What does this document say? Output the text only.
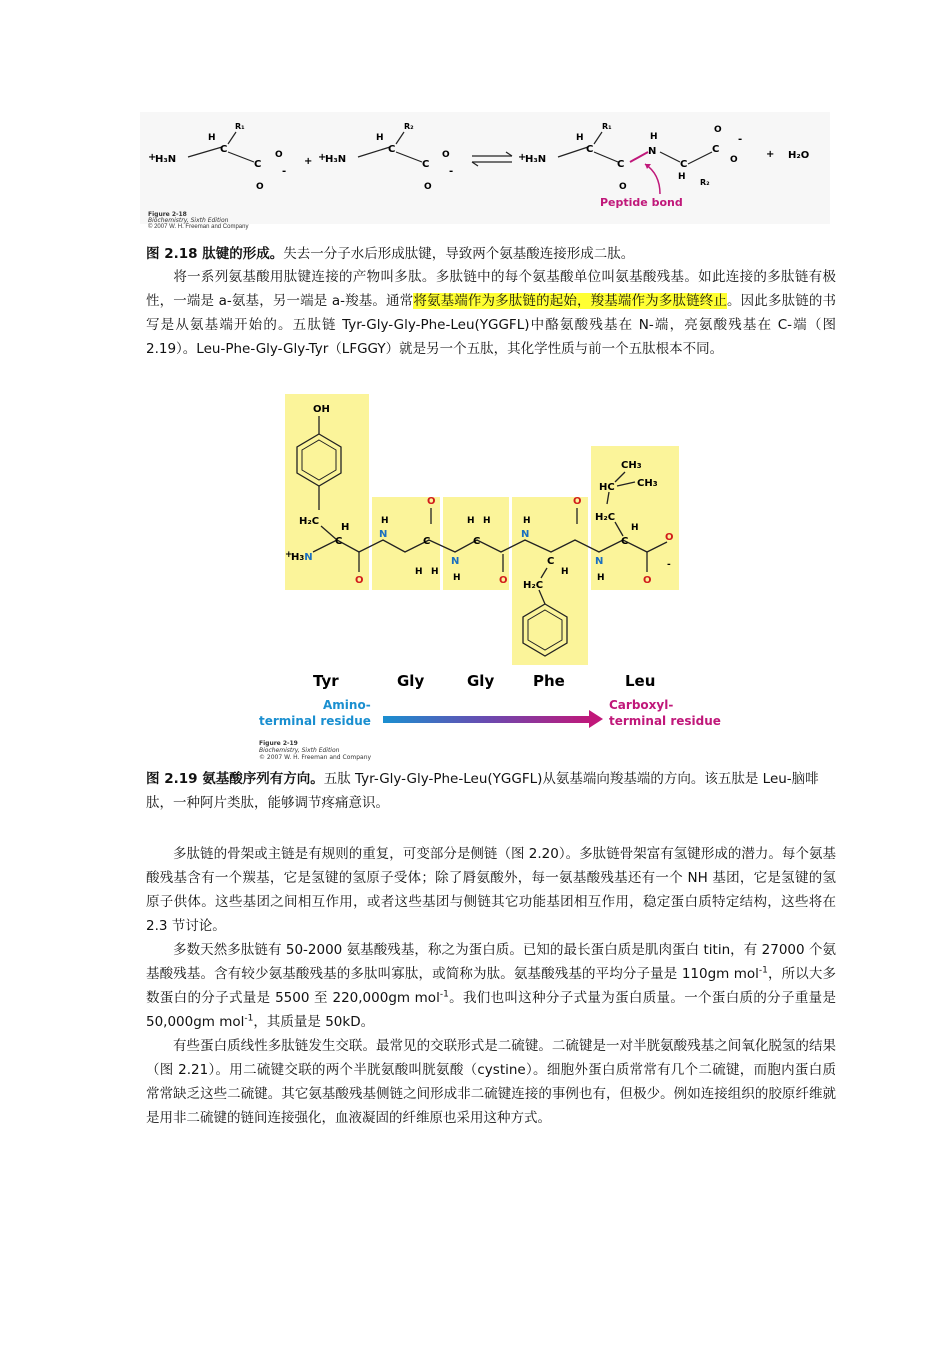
+
H₃N
C
H
R₁
C
O
O
-
+ +
H₃N
C
H
R₂
C
O
O
-
+
H₃N
C
H
R₁
C
O
N
H
C
H
R₂
C
O
O
-
+ H₂O
Peptide bond
Figure 2-18
Biochemistry, Sixth Edition
© 2007 W. H. Freeman and Company
图 2.18 肽键的形成。失去一分子水后形成肽键，导致两个氨基酸连接形成二肽。
将一系列氨基酸用肽键连接的产物叫多肽。多肽链中的每个氨基酸单位叫氨基酸残基。如此连接的多肽链有极性，一端是 a-氨基，另一端是 a-羧基。通常将氨基端作为多肽链的起始，羧基端作为多肽链终止。因此多肽链的书写是从氨基端开始的。五肽链 Tyr-Gly-Gly-Phe-Leu(YGGFL)中酪氨酸残基在 N-端，亮氨酸残基在 C-端（图 2.19）。Leu-Phe-Gly-Gly-Tyr（LFGGY）就是另一个五肽，其化学性质与前一个五肽根本不同。
OH
H₂C
H
+
H3N
C
O
N
H
C
H H
O
N
H
H H
C
O
N
H
C
H
O
N
H
C
H
O
O
-
H₂C
CH3
HC CH3
H₂C
Tyr	Gly	Gly	Phe	Leu
Amino-
terminal residue
Carboxyl-
terminal residue
Figure 2-19
Biochemistry, Sixth Edition
© 2007 W. H. Freeman and Company
图 2.19 氨基酸序列有方向。五肽 Tyr-Gly-Gly-Phe-Leu(YGGFL)从氨基端向羧基端的方向。该五肽是 Leu-脑啡肽，一种阿片类肽，能够调节疼痛意识。
多肽链的骨架或主链是有规则的重复，可变部分是侧链（图 2.20）。多肽链骨架富有氢键形成的潜力。每个氨基酸残基含有一个羰基，它是氢键的氢原子受体；除了脣氨酸外，每一氨基酸残基还有一个 NH 基团，它是氢键的氢原子供体。这些基团之间相互作用，或者这些基团与侧链其它功能基团相互作用，稳定蛋白质特定结构，这些将在 2.3 节讨论。
多数天然多肽链有 50-2000 氨基酸残基，称之为蛋白质。已知的最长蛋白质是肌肉蛋白 titin，有 27000 个氨基酸残基。含有较少氨基酸残基的多肽叫寡肽，或简称为肽。氨基酸残基的平均分子量是 110gm mol$^{-1}$，所以大多数蛋白的分子式量是 5500 至 220,000gm mol$^{-1}$。我们也叫这种分子式量为蛋白质量。一个蛋白质的分子重量是 50,000gm mol$^{-1}$，其质量是 50kD。
有些蛋白质线性多肽链发生交联。最常见的交联形式是二硫键。二硫键是一对半胱氨酸残基之间氧化脱氢的结果（图 2.21）。用二硫键交联的两个半胱氨酸叫胱氨酸（cystine）。细胞外蛋白质常常有几个二硫键，而胞内蛋白质常常缺乏这些二硫键。其它氨基酸残基侧链之间形成非二硫键连接的事例也有，但极少。例如连接组织的胶原纤维就是用非二硫键的链间连接强化，血液凝固的纤维原也采用这种方式。
